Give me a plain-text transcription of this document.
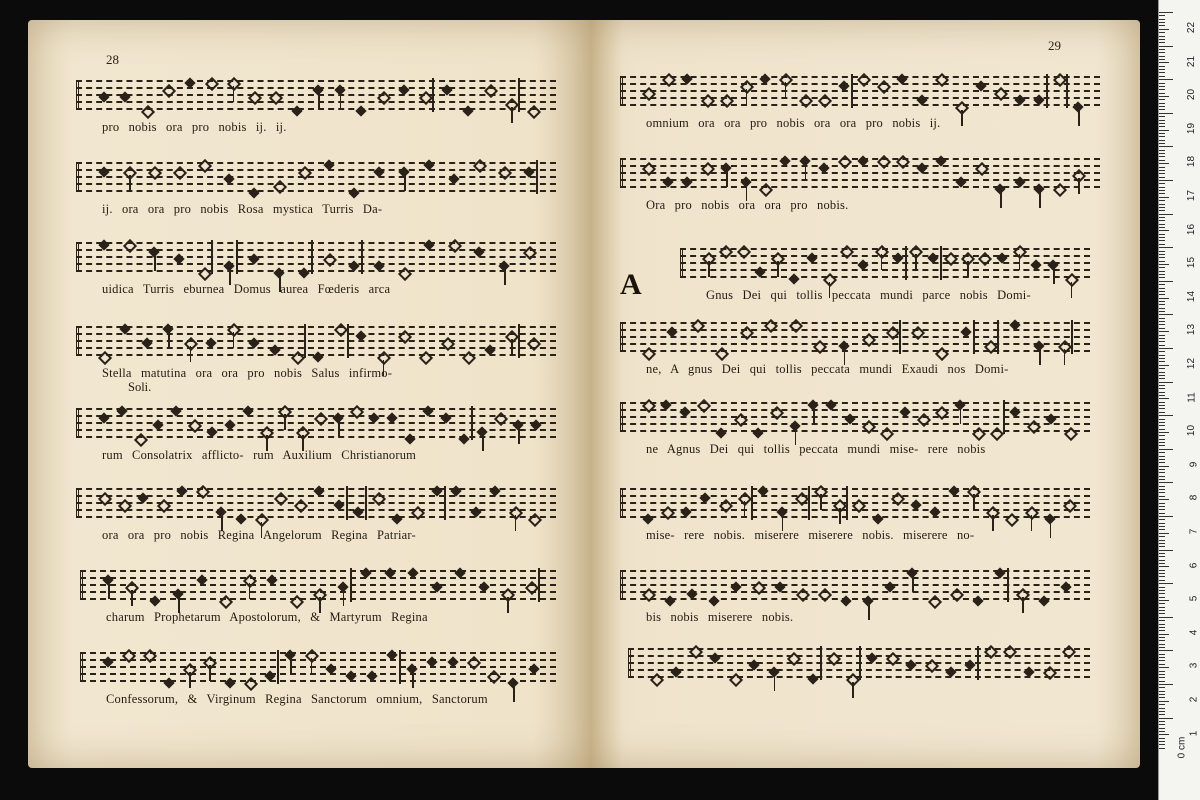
28
pro nobis ora pro nobis ij. ij.
ij. ora ora pro nobis Rosa mystica Turris Da-
uidica Turris eburnea Domus aurea Fœderis arca
Stella matutina ora ora pro nobis Salus infirmo-
Soli.
rum Consolatrix afflicto- rum Auxilium Christianorum
ora ora pro nobis Regina Angelorum Regina Patriar-
charum Prophetarum Apostolorum, & Martyrum Regina
Confessorum, & Virginum Regina Sanctorum omnium, Sanctorum
29
A
omnium ora ora pro nobis ora ora pro nobis ij.
Ora pro nobis ora ora pro nobis.
Gnus Dei qui tollis peccata mundi parce nobis Domi-
ne, A gnus Dei qui tollis peccata mundi Exaudi nos Domi-
ne Agnus Dei qui tollis peccata mundi mise- rere nobis
mise- rere nobis. miserere miserere nobis. miserere no-
bis nobis miserere nobis.
0 cm
22
21
20
19
18
17
16
15
14
13
12
11
10
9
8
7
6
5
4
3
2
1
